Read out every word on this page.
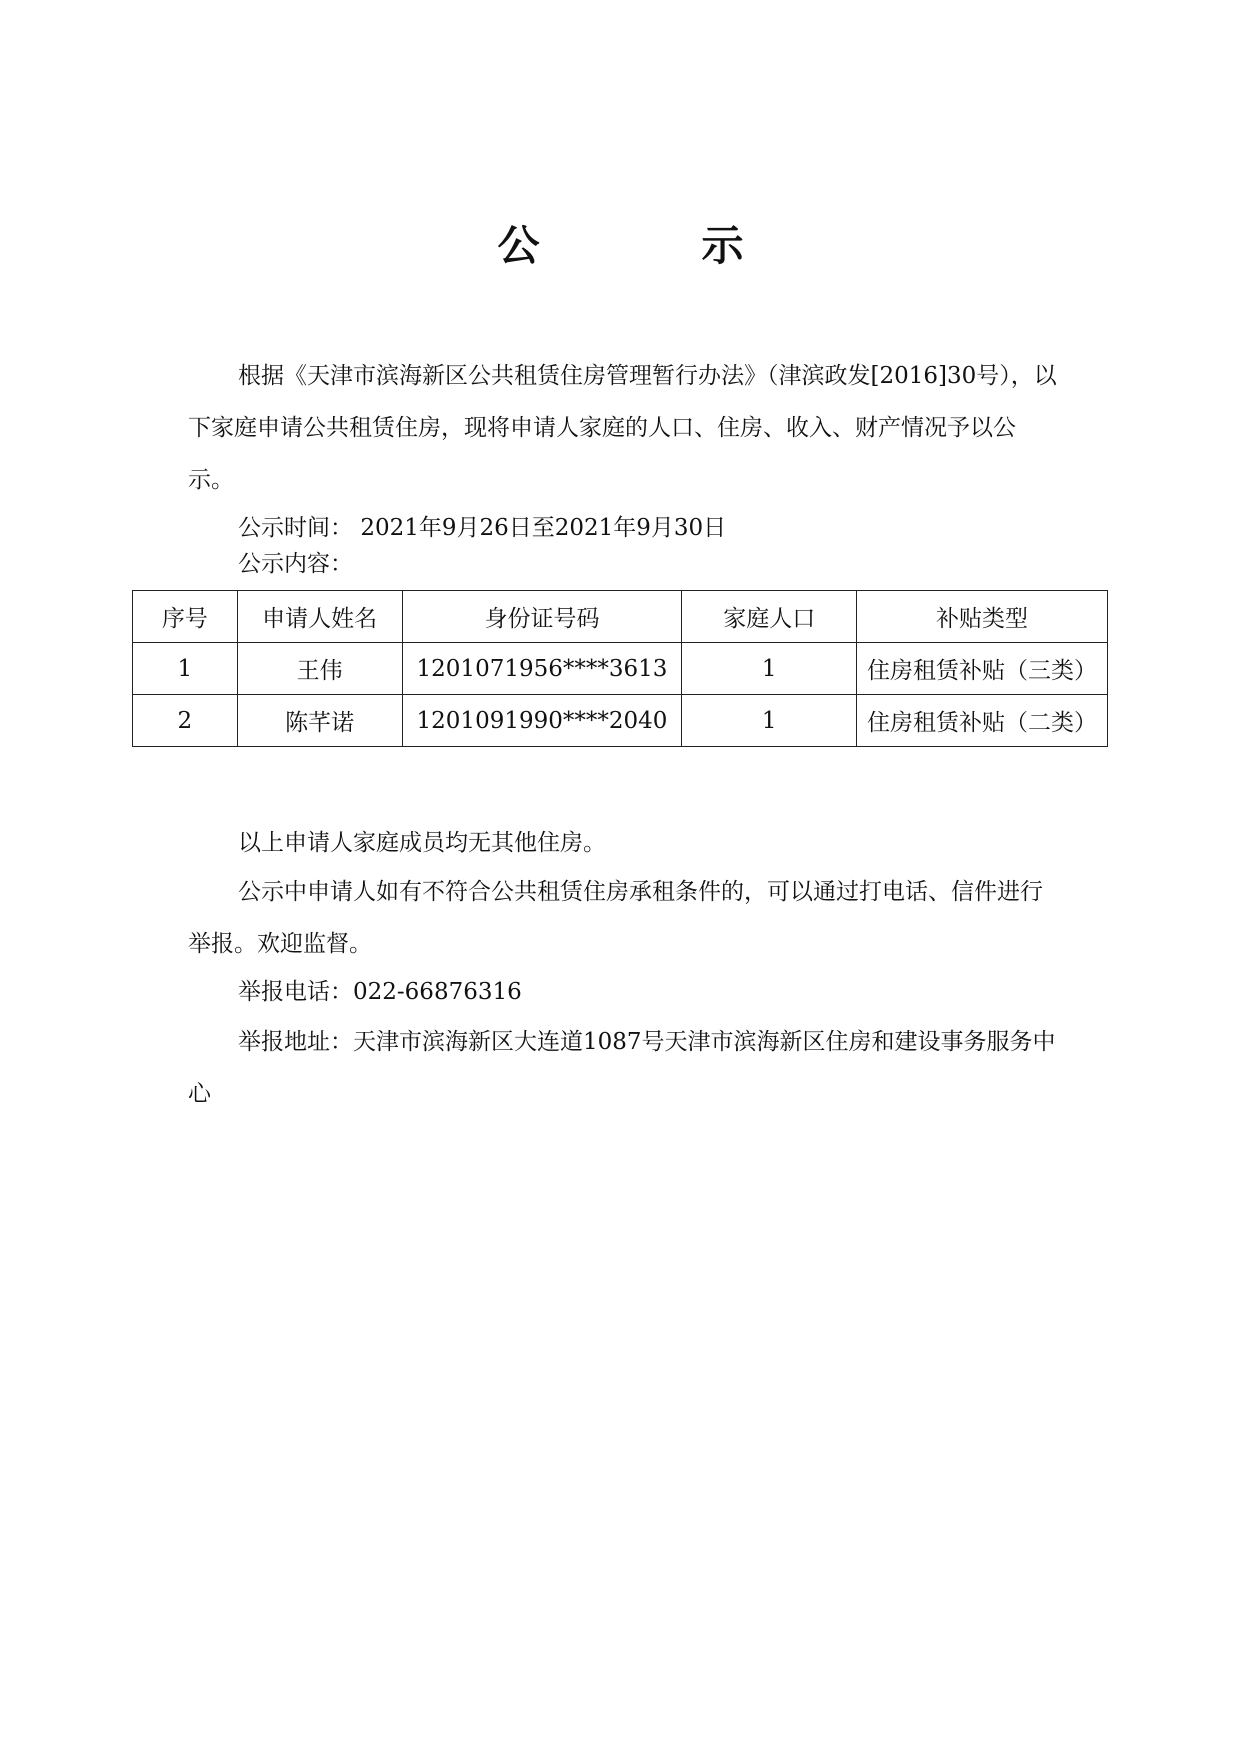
公　示
根据《天津市滨海新区公共租赁住房管理暂行办法》（津滨政发[2016]30号），以下家庭申请公共租赁住房，现将申请人家庭的人口、住房、收入、财产情况予以公示。
公示时间： 2021年9月26日至2021年9月30日
公示内容：
序号	申请人姓名	身份证号码	家庭人口	补贴类型
1	王伟	1201071956****3613	1	住房租赁补贴（三类）
2	陈芊诺	1201091990****2040	1	住房租赁补贴（二类）
以上申请人家庭成员均无其他住房。
公示中申请人如有不符合公共租赁住房承租条件的，可以通过打电话、信件进行举报。欢迎监督。
举报电话：022-66876316
举报地址：天津市滨海新区大连道1087号天津市滨海新区住房和建设事务服务中心
